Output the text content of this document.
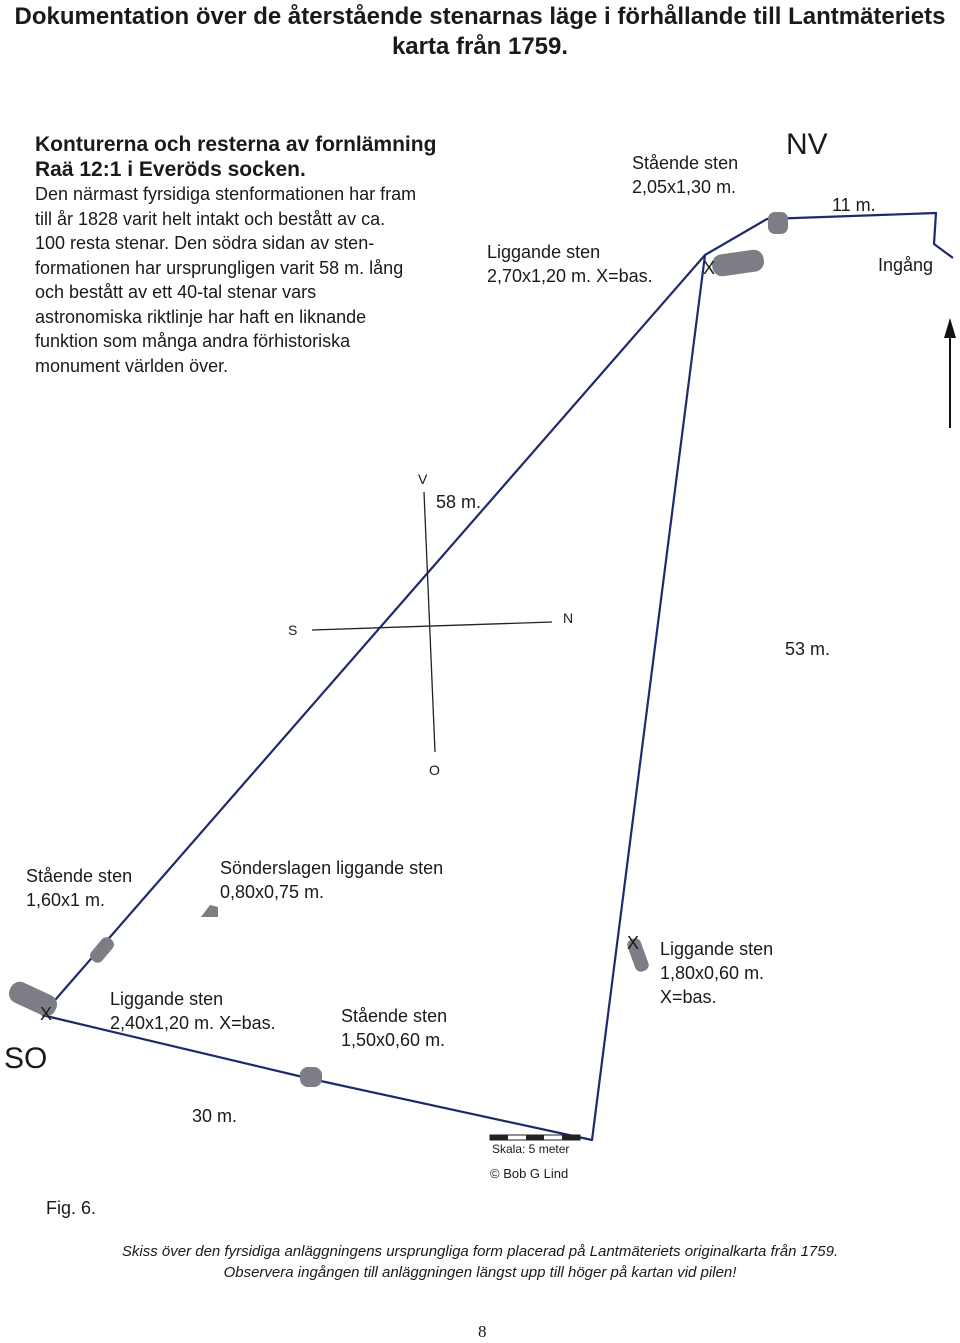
Dokumentation över de återstående stenarnas läge i förhållande till Lantmäteriets karta från 1759.
Konturerna och resterna av fornlämning
Raä 12:1 i Everöds socken.
Den närmast fyrsidiga stenformationen har fram
till år 1828 varit helt intakt och bestått av ca.
100 resta stenar. Den södra sidan av sten-
formationen har ursprungligen varit 58 m. lång
och bestått av ett 40-tal stenar vars
astronomiska riktlinje har haft en liknande
funktion som många andra förhistoriska
monument världen över.
NV
SO
11 m.
58 m.
53 m.
30 m.
Ingång
V
S
N
O
Stående sten
2,05x1,30 m.
Liggande sten
2,70x1,20 m. X=bas.
Stående sten
1,60x1 m.
Sönderslagen liggande sten
0,80x0,75 m.
Liggande sten
2,40x1,20 m. X=bas.	Stående sten
1,50x0,60 m.
Liggande sten
1,80x0,60 m.
X=bas.
X
X
X
Skala: 5 meter
© Bob G Lind
Fig. 6.
Skiss över den fyrsidiga anläggningens ursprungliga form placerad på Lantmäteriets originalkarta från 1759.
Observera ingången till anläggningen längst upp till höger på kartan vid pilen!
8
